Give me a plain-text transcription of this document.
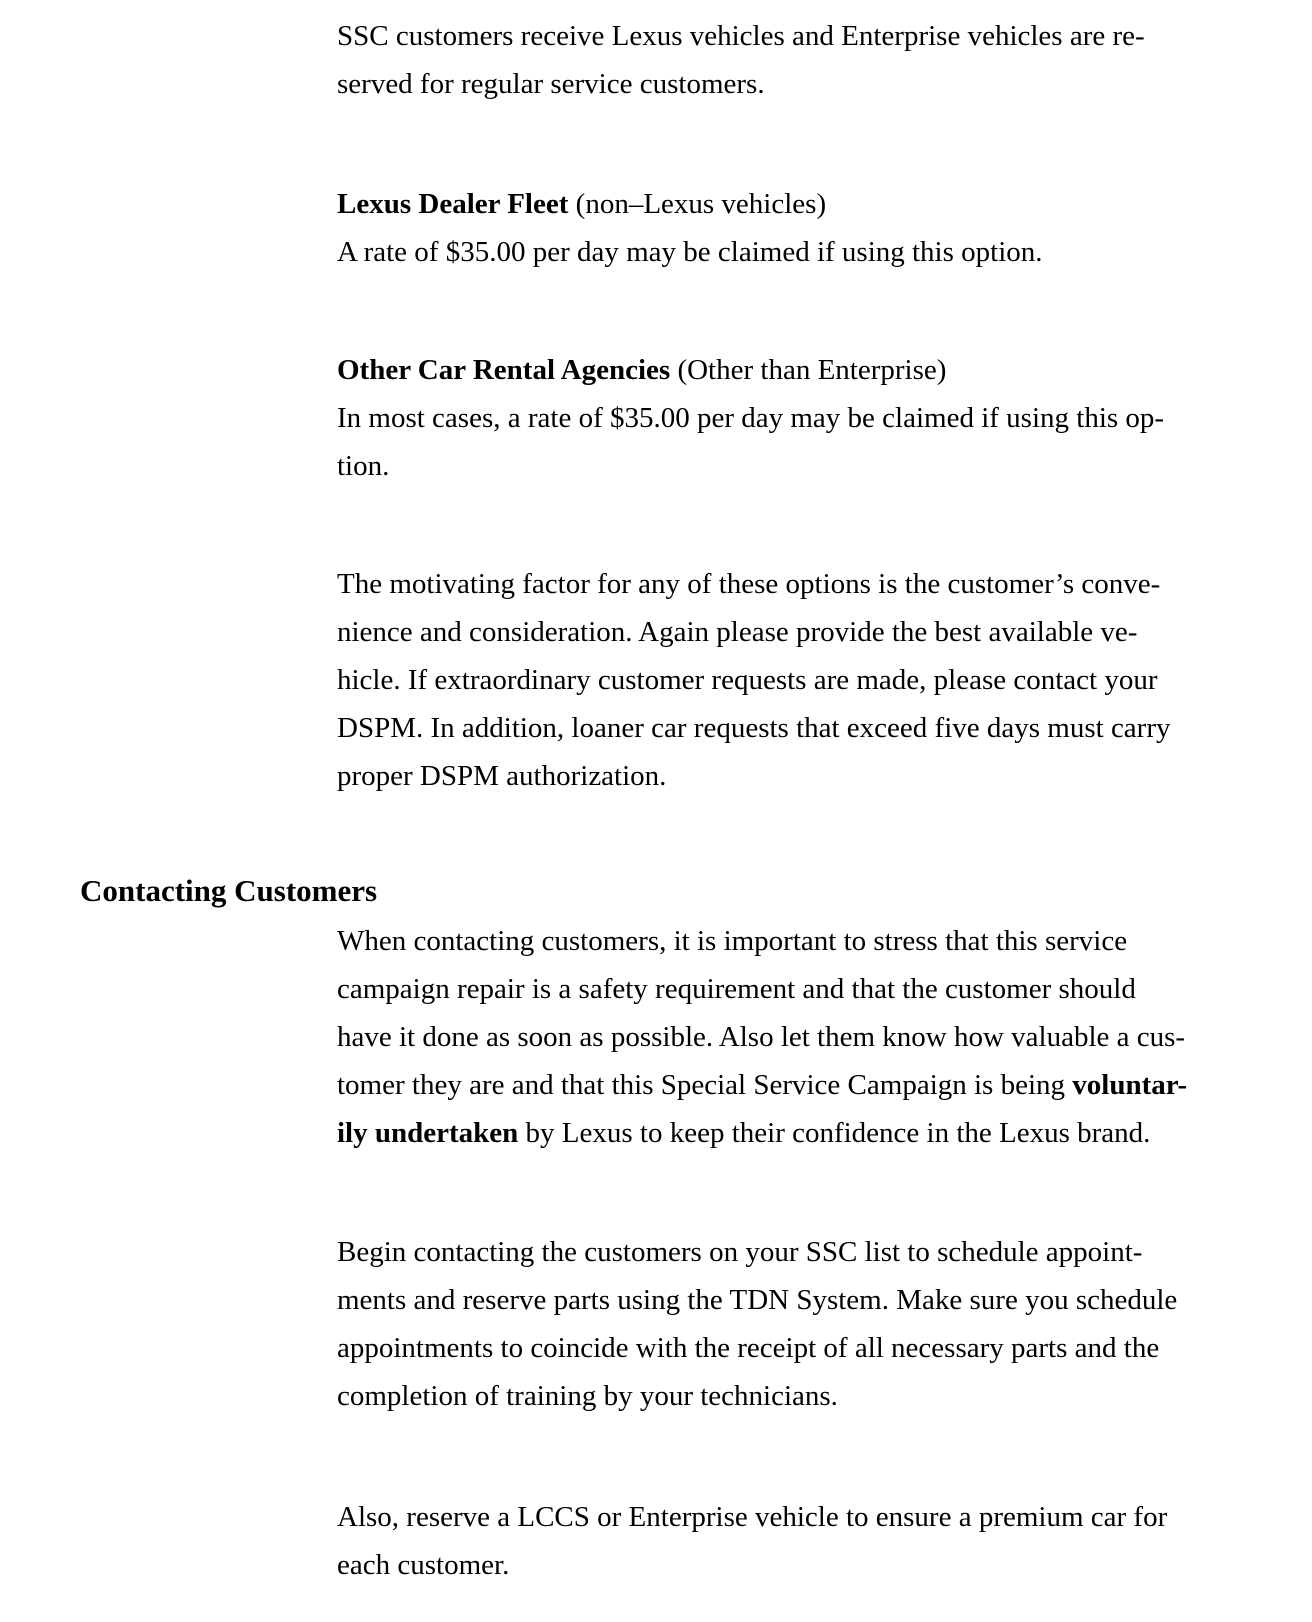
SSC customers receive Lexus vehicles and Enterprise vehicles are re-
served for regular service customers.
Lexus Dealer Fleet (non–Lexus vehicles)
A rate of $35.00 per day may be claimed if using this option.
Other Car Rental Agencies (Other than Enterprise)
In most cases, a rate of $35.00 per day may be claimed if using this op-
tion.
The motivating factor for any of these options is the customer’s conve-
nience and consideration. Again please provide the best available ve-
hicle. If extraordinary customer requests are made, please contact your
DSPM. In addition, loaner car requests that exceed five days must carry
proper DSPM authorization.
Contacting Customers
When contacting customers, it is important to stress that this service
campaign repair is a safety requirement and that the customer should
have it done as soon as possible. Also let them know how valuable a cus-
tomer they are and that this Special Service Campaign is being voluntar-
ily undertaken by Lexus to keep their confidence in the Lexus brand.
Begin contacting the customers on your SSC list to schedule appoint-
ments and reserve parts using the TDN System. Make sure you schedule
appointments to coincide with the receipt of all necessary parts and the
completion of training by your technicians.
Also, reserve a LCCS or Enterprise vehicle to ensure a premium car for
each customer.
